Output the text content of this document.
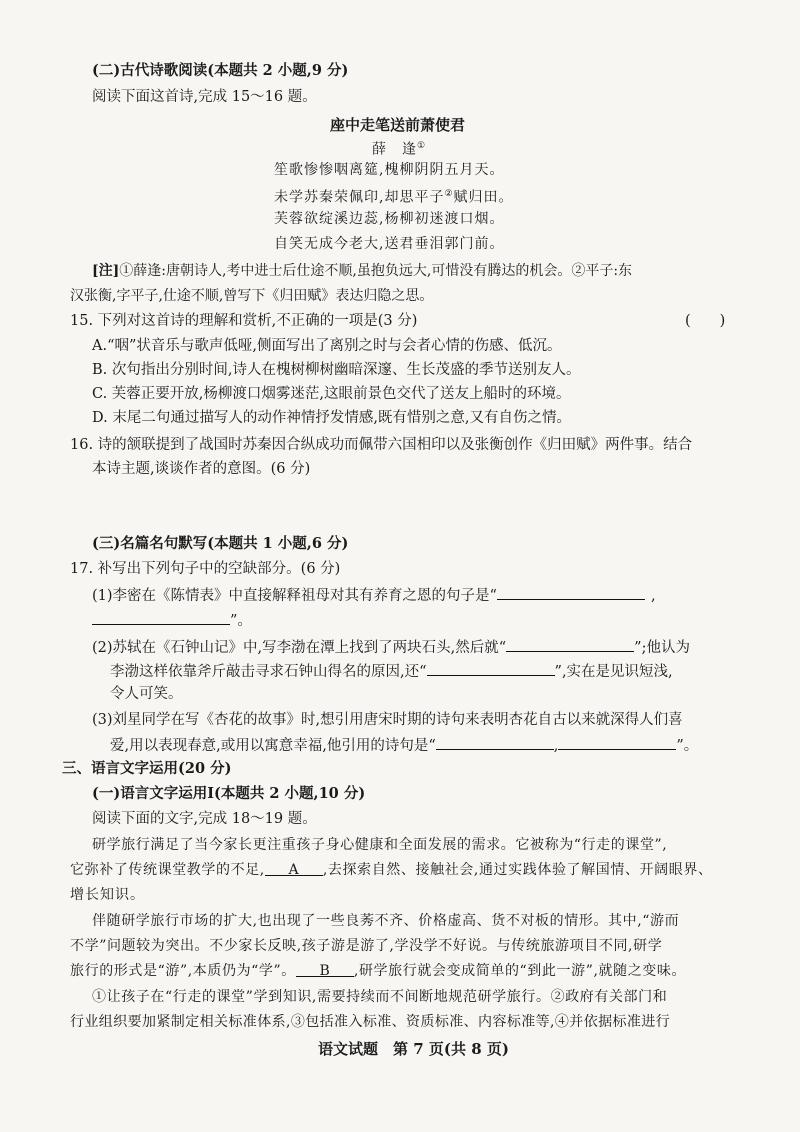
(二)古代诗歌阅读(本题共 2 小题,9 分)
阅读下面这首诗,完成 15～16 题。
座中走笔送前萧使君
薛　逢①
笙歌惨惨咽离筵,槐柳阴阴五月天。
未学苏秦荣佩印,却思平子②赋归田。
芙蓉欲绽溪边蕊,杨柳初迷渡口烟。
自笑无成今老大,送君垂泪郭门前。
[注]①薛逢:唐朝诗人,考中进士后仕途不顺,虽抱负远大,可惜没有腾达的机会。②平子:东
汉张衡,字平子,仕途不顺,曾写下《归田赋》表达归隐之思。
15. 下列对这首诗的理解和赏析,不正确的一项是(3 分)	(　　)
A.“咽”状音乐与歌声低哑,侧面写出了离别之时与会者心情的伤感、低沉。
B. 次句指出分别时间,诗人在槐树柳树幽暗深邃、生长茂盛的季节送别友人。
C. 芙蓉正要开放,杨柳渡口烟雾迷茫,这眼前景色交代了送友上船时的环境。
D. 末尾二句通过描写人的动作神情抒发情感,既有惜别之意,又有自伤之情。
16. 诗的颔联提到了战国时苏秦因合纵成功而佩带六国相印以及张衡创作《归田赋》两件事。结合
本诗主题,谈谈作者的意图。(6 分)
(三)名篇名句默写(本题共 1 小题,6 分)
17. 补写出下列句子中的空缺部分。(6 分)
(1)李密在《陈情表》中直接解释祖母对其有养育之恩的句子是“	,
”。
(2)苏轼在《石钟山记》中,写李渤在潭上找到了两块石头,然后就“	”;他认为
李渤这样依靠斧斤敲击寻求石钟山得名的原因,还“	”,实在是见识短浅,
令人可笑。
(3)刘星同学在写《杏花的故事》时,想引用唐宋时期的诗句来表明杏花自古以来就深得人们喜
爱,用以表现春意,或用以寓意幸福,他引用的诗句是“	,	”。
三、语言文字运用(20 分)
(一)语言文字运用Ⅰ(本题共 2 小题,10 分)
阅读下面的文字,完成 18～19 题。
研学旅行满足了当今家长更注重孩子身心健康和全面发展的需求。它被称为“行走的课堂”,
它弥补了传统课堂教学的不足, A ,去探索自然、接触社会,通过实践体验了解国情、开阔眼界、
增长知识。
伴随研学旅行市场的扩大,也出现了一些良莠不齐、价格虚高、货不对板的情形。其中,“游而
不学”问题较为突出。不少家长反映,孩子游是游了,学没学不好说。与传统旅游项目不同,研学
旅行的形式是“游”,本质仍为“学”。 B ,研学旅行就会变成简单的“到此一游”,就随之变味。
①让孩子在“行走的课堂”学到知识,需要持续而不间断地规范研学旅行。②政府有关部门和
行业组织要加紧制定相关标准体系,③包括准入标准、资质标准、内容标准等,④并依据标准进行
语文试题　第 7 页(共 8 页)
